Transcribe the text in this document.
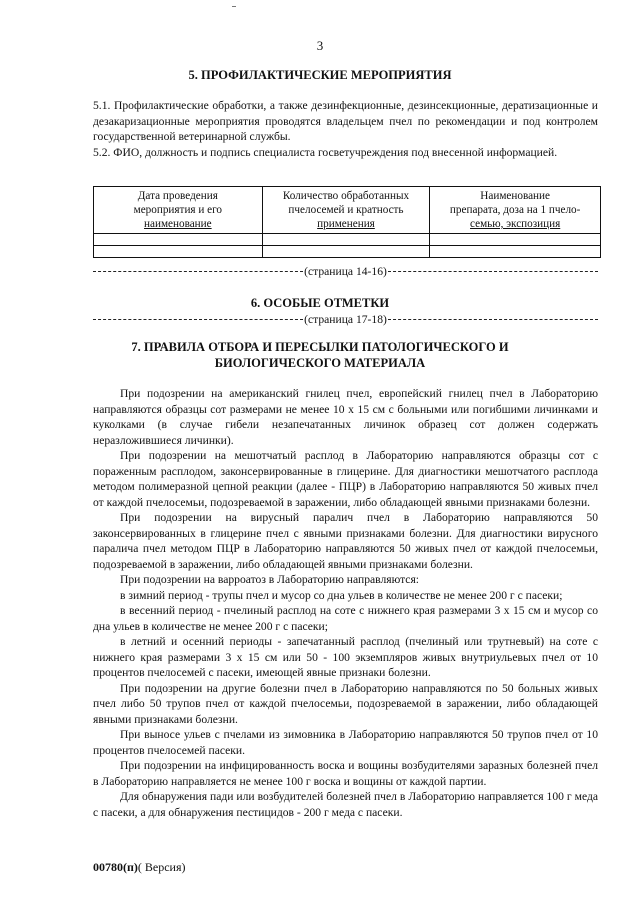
3
5. ПРОФИЛАКТИЧЕСКИЕ МЕРОПРИЯТИЯ

5.1. Профилактические обработки, а также дезинфекционные, дезинсекционные, дератизационные и дезакаризационные мероприятия проводятся владельцем пчел по рекомендации и под контролем государственной ветеринарной службы.

5.2. ФИО, должность и подпись специалиста госветучреждения под внесенной информацией.

Дата проведения
мероприятия и его
наименование	Количество обработанных
пчелосемей и кратность
применения	Наименование
препарата, доза на 1 пчело-
семью, экспозиция

(страница 14-16)
6. ОСОБЫЕ ОТМЕТКИ
(страница 17-18)
7. ПРАВИЛА ОТБОРА И ПЕРЕСЫЛКИ ПАТОЛОГИЧЕСКОГО И
БИОЛОГИЧЕСКОГО МАТЕРИАЛА

При подозрении на американский гнилец пчел, европейский гнилец пчел в Лабораторию направляются образцы сот размерами не менее 10 х 15 см с больными или погибшими личинками и куколками (в случае гибели незапечатанных личинок образец сот должен содержать неразложившиеся личинки).

При подозрении на мешотчатый расплод в Лабораторию направляются образцы сот с пораженным расплодом, законсервированные в глицерине. Для диагностики мешотчатого расплода методом полимеразной цепной реакции (далее - ПЦР) в Лабораторию направляются 50 живых пчел от каждой пчелосемьи, подозреваемой в заражении, либо обладающей явными признаками болезни.

При подозрении на вирусный паралич пчел в Лабораторию направляются 50 законсервированных в глицерине пчел с явными признаками болезни. Для диагностики вирусного паралича пчел методом ПЦР в Лабораторию направляются 50 живых пчел от каждой пчелосемьи, подозреваемой в заражении, либо обладающей явными признаками болезни.

При подозрении на варроатоз в Лабораторию направляются:

в зимний период - трупы пчел и мусор со дна ульев в количестве не менее 200 г с пасеки;

в весенний период - пчелиный расплод на соте с нижнего края размерами 3 х 15 см и мусор со дна ульев в количестве не менее 200 г с пасеки;

в летний и осенний периоды - запечатанный расплод (пчелиный или трутневый) на соте с нижнего края размерами 3 х 15 см или 50 - 100 экземпляров живых внутриульевых пчел от 10 процентов пчелосемей с пасеки, имеющей явные признаки болезни.

При подозрении на другие болезни пчел в Лабораторию направляются по 50 больных живых пчел либо 50 трупов пчел от каждой пчелосемьи, подозреваемой в заражении, либо обладающей явными признаками болезни.

При выносе ульев с пчелами из зимовника в Лабораторию направляются 50 трупов пчел от 10 процентов пчелосемей пасеки.

При подозрении на инфицированность воска и вощины возбудителями заразных болезней пчел в Лабораторию направляется не менее 100 г воска и вощины от каждой партии.

Для обнаружения пади или возбудителей болезней пчел в Лабораторию направляется 100 г меда с пасеки, а для обнаружения пестицидов - 200 г меда с пасеки.

00780(п)( Версия)
